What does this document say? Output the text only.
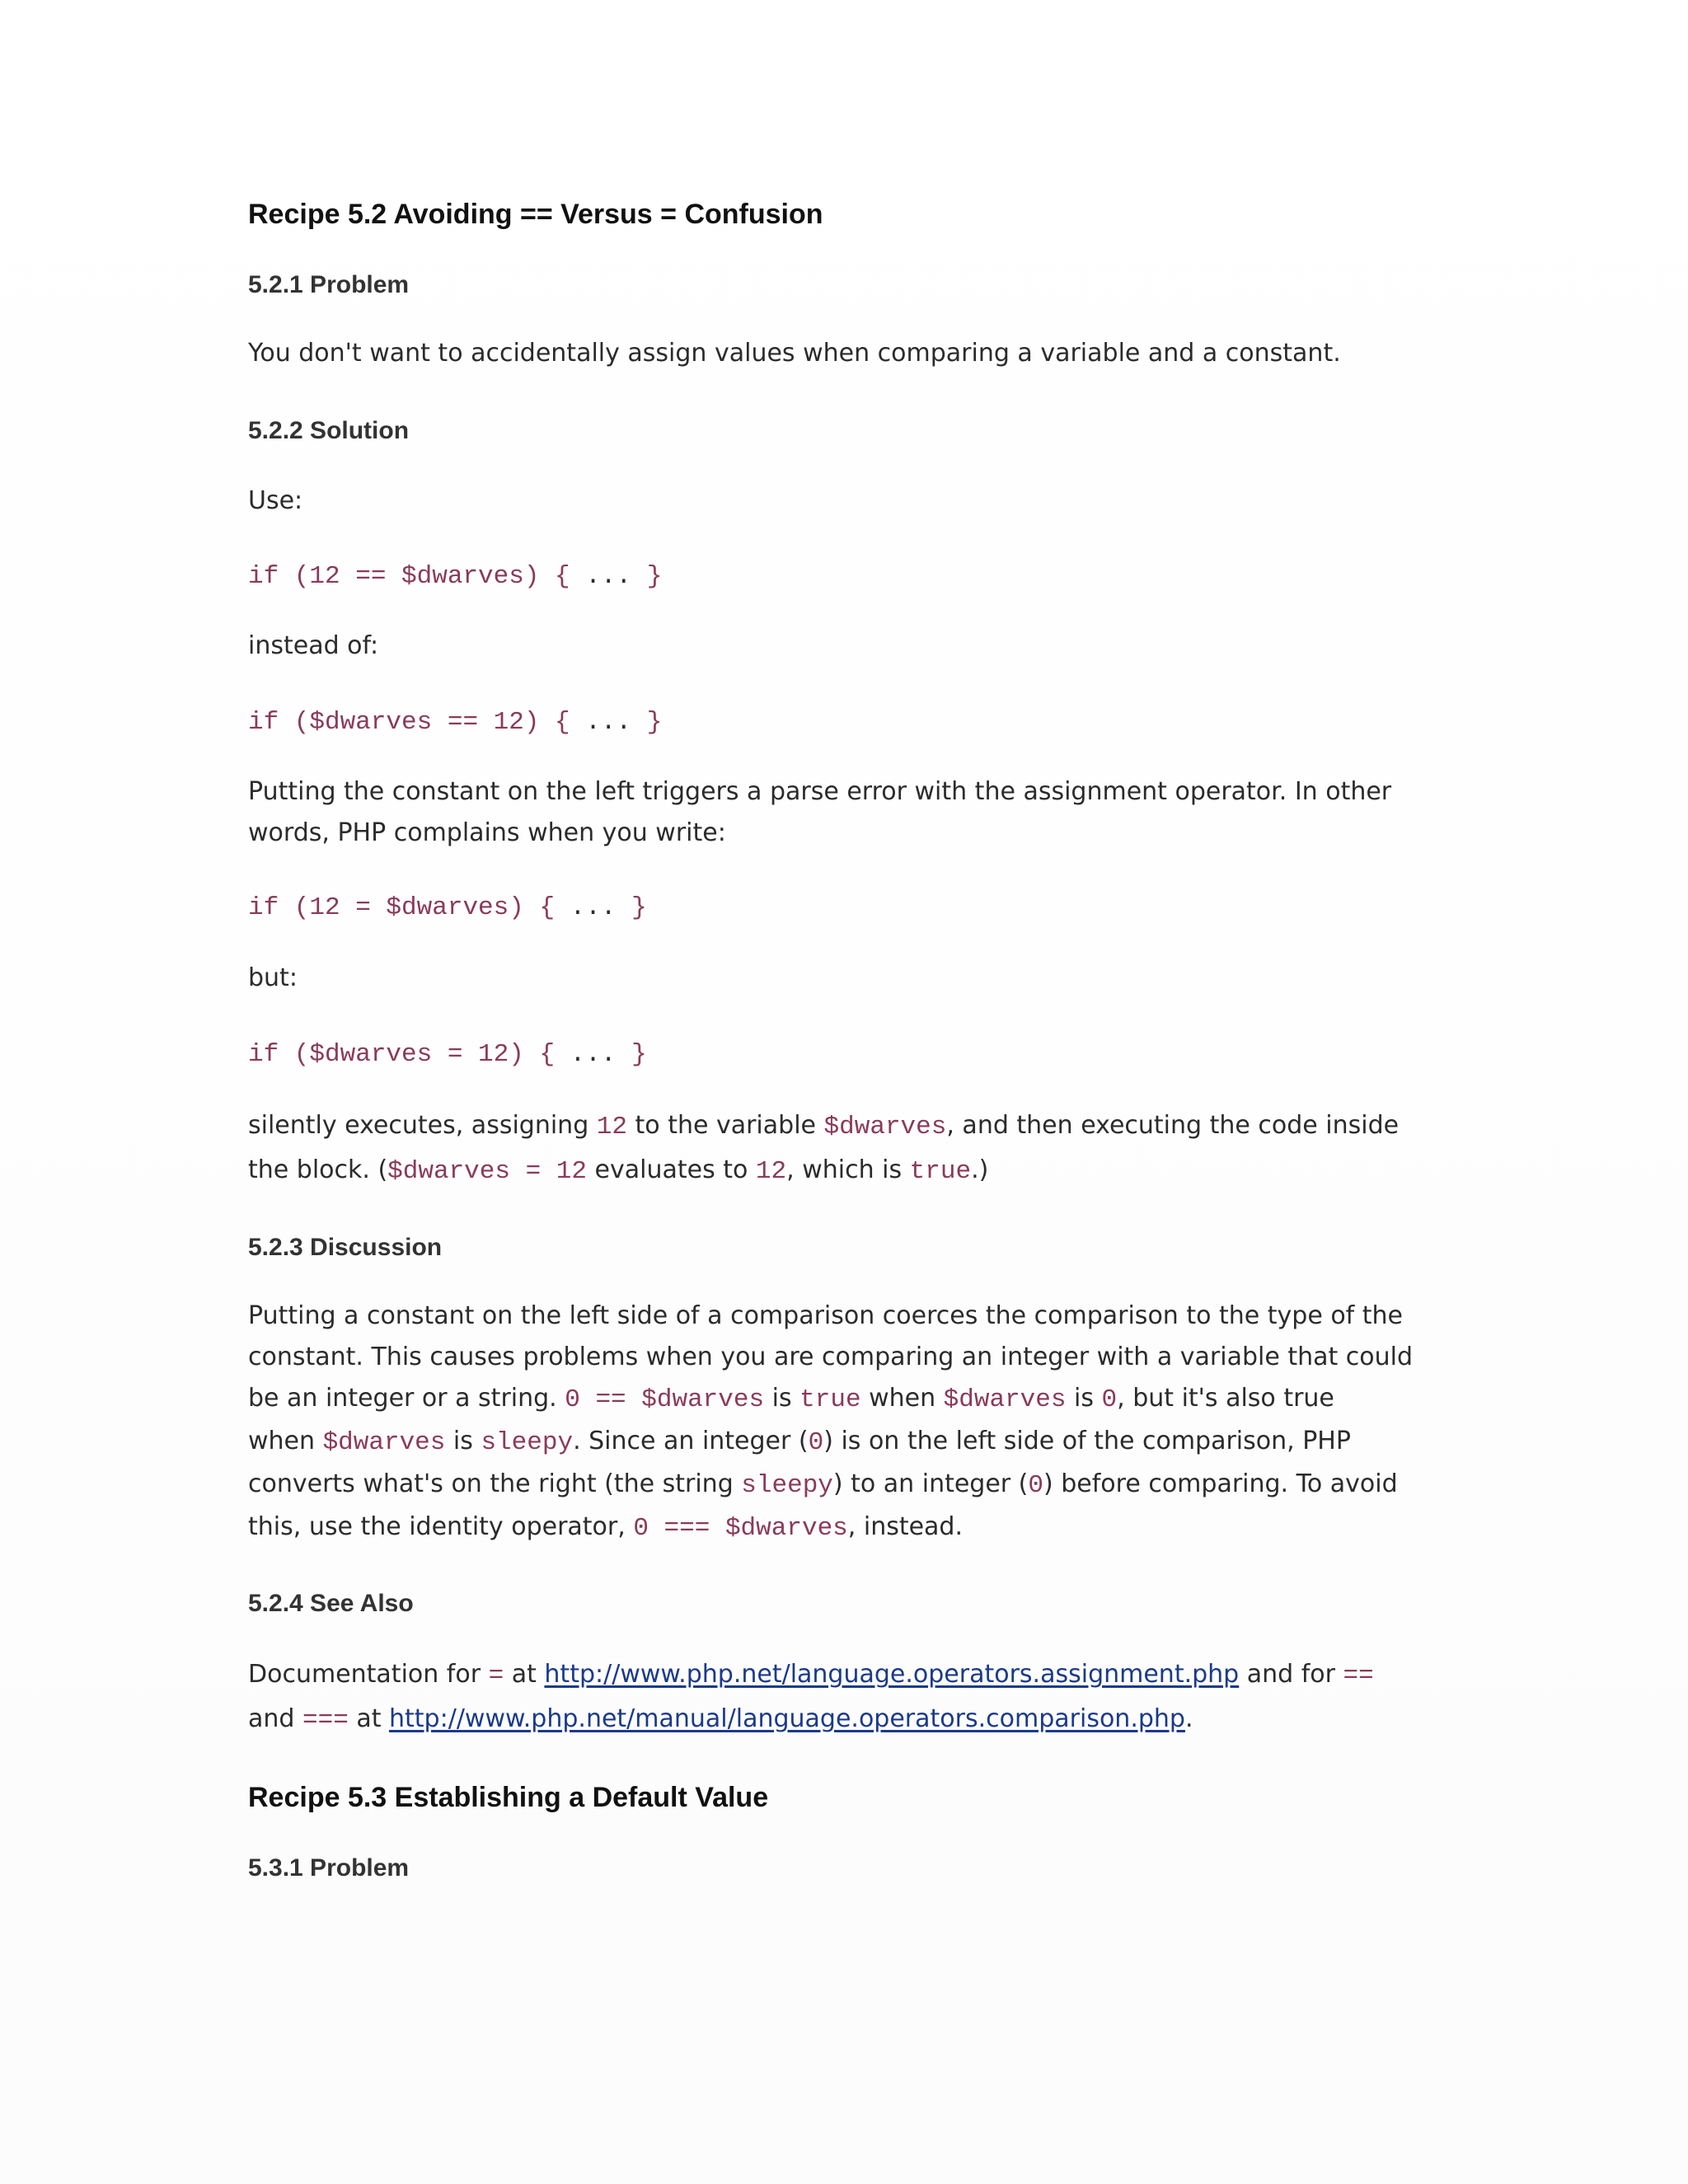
Recipe 5.2 Avoiding == Versus = Confusion
5.2.1 Problem
You don't want to accidentally assign values when comparing a variable and a constant.
5.2.2 Solution
Use:
if (12 == $dwarves) { ... }
instead of:
if ($dwarves == 12) { ... }
Putting the constant on the left triggers a parse error with the assignment operator. In other
words, PHP complains when you write:
if (12 = $dwarves) { ... }
but:
if ($dwarves = 12) { ... }
silently executes, assigning 12 to the variable $dwarves, and then executing the code inside
the block. ($dwarves = 12 evaluates to 12, which is true.)
5.2.3 Discussion
Putting a constant on the left side of a comparison coerces the comparison to the type of the
constant. This causes problems when you are comparing an integer with a variable that could
be an integer or a string. 0 == $dwarves is true when $dwarves is 0, but it's also true
when $dwarves is sleepy. Since an integer (0) is on the left side of the comparison, PHP
converts what's on the right (the string sleepy) to an integer (0) before comparing. To avoid
this, use the identity operator, 0 === $dwarves, instead.
5.2.4 See Also
Documentation for = at http://www.php.net/language.operators.assignment.php and for ==
and === at http://www.php.net/manual/language.operators.comparison.php.
Recipe 5.3 Establishing a Default Value
5.3.1 Problem
